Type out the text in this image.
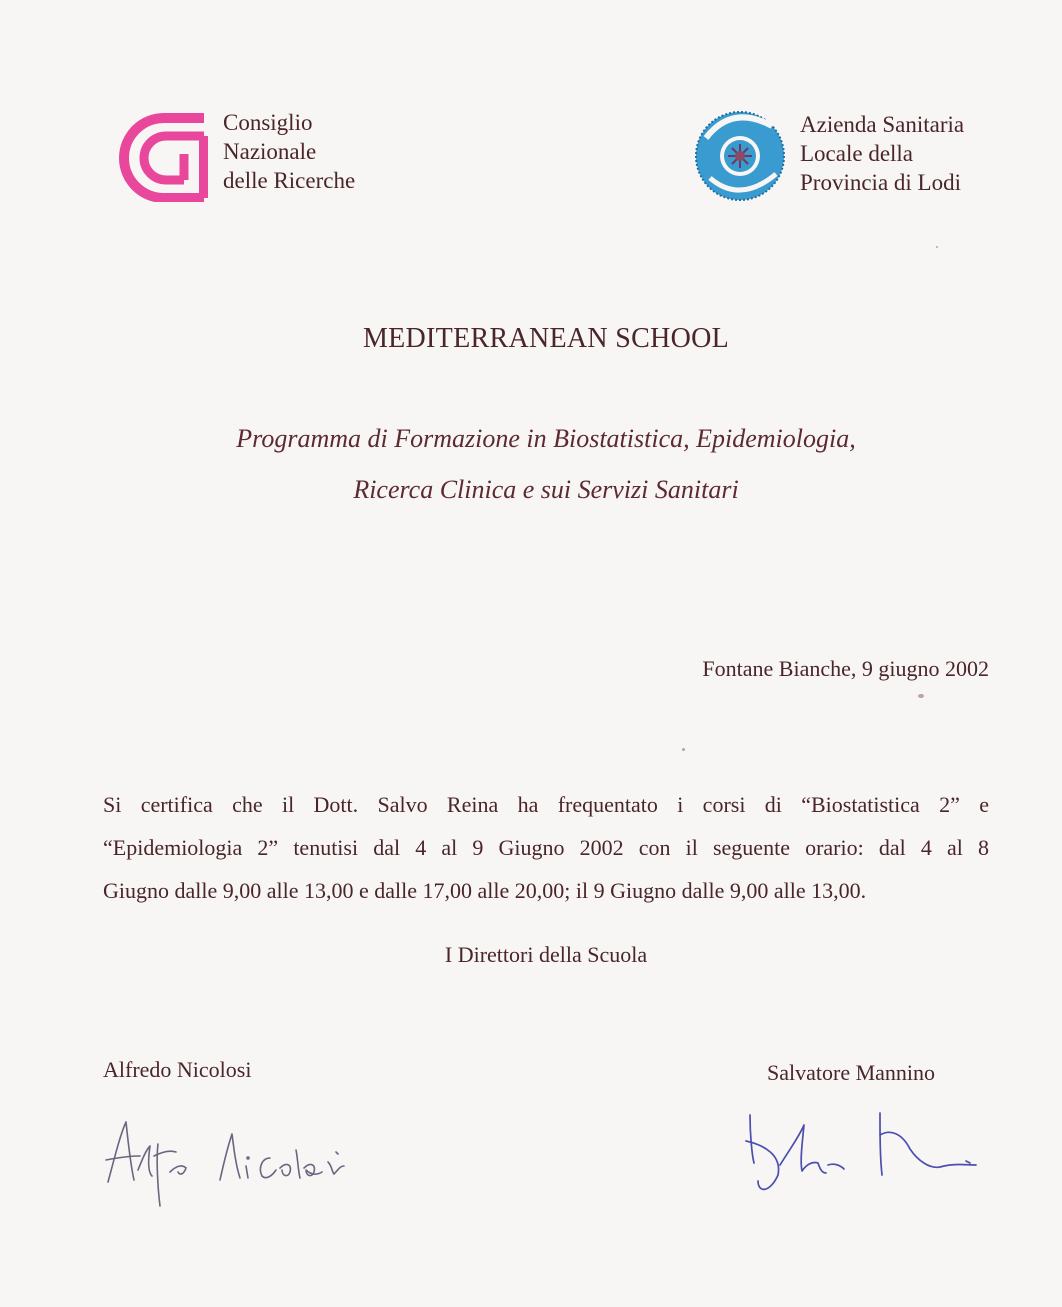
Consiglio
Nazionale
delle Ricerche
Azienda Sanitaria
Locale della
Provincia di Lodi
MEDITERRANEAN SCHOOL
Programma di Formazione in Biostatistica, Epidemiologia,
Ricerca Clinica e sui Servizi Sanitari
Fontane Bianche, 9 giugno 2002
Si certifica che il Dott. Salvo Reina ha frequentato i corsi di “Biostatistica 2” e
“Epidemiologia 2” tenutisi dal 4 al 9 Giugno 2002 con il seguente orario: dal 4 al 8
Giugno dalle 9,00 alle 13,00 e dalle 17,00 alle 20,00; il 9 Giugno dalle 9,00 alle 13,00.
I Direttori della Scuola
Alfredo Nicolosi	Salvatore Mannino
